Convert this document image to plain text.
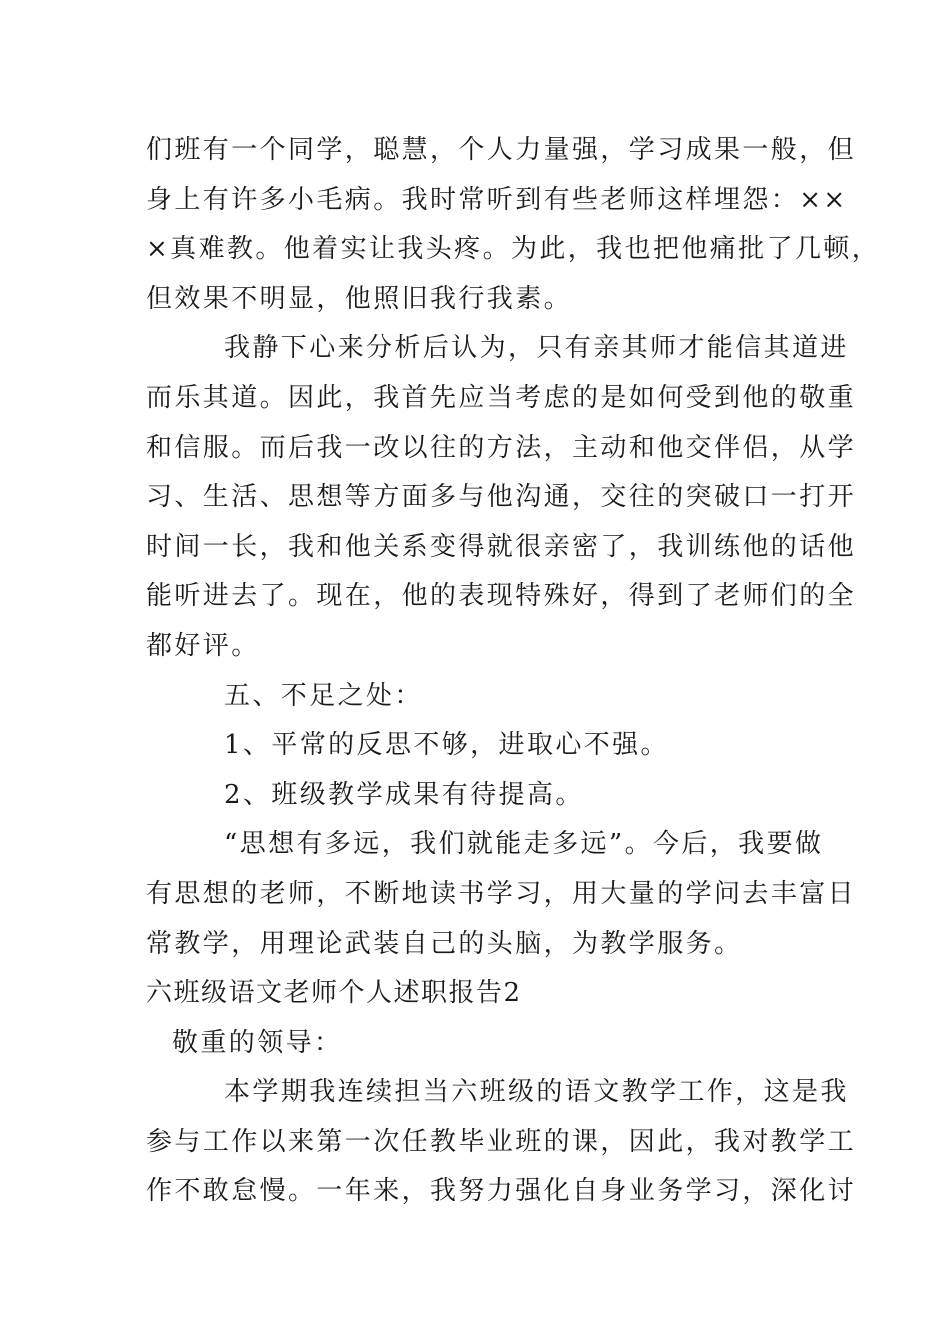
们班有一个同学，聪慧，个人力量强，学习成果一般，但
身上有许多小毛病。我时常听到有些老师这样埋怨：××
×真难教。他着实让我头疼。为此，我也把他痛批了几顿，
但效果不明显，他照旧我行我素。
我静下心来分析后认为，只有亲其师才能信其道进
而乐其道。因此，我首先应当考虑的是如何受到他的敬重
和信服。而后我一改以往的方法，主动和他交伴侣，从学
习、生活、思想等方面多与他沟通，交往的突破口一打开
时间一长，我和他关系变得就很亲密了，我训练他的话他
能听进去了。现在，他的表现特殊好，得到了老师们的全
都好评。
五、不足之处：
1、平常的反思不够，进取心不强。
2、班级教学成果有待提高。
“思想有多远，我们就能走多远”。今后，我要做
有思想的老师，不断地读书学习，用大量的学问去丰富日
常教学，用理论武装自己的头脑，为教学服务。
六班级语文老师个人述职报告2
敬重的领导：
本学期我连续担当六班级的语文教学工作，这是我
参与工作以来第一次任教毕业班的课，因此，我对教学工
作不敢怠慢。一年来，我努力强化自身业务学习，深化讨
